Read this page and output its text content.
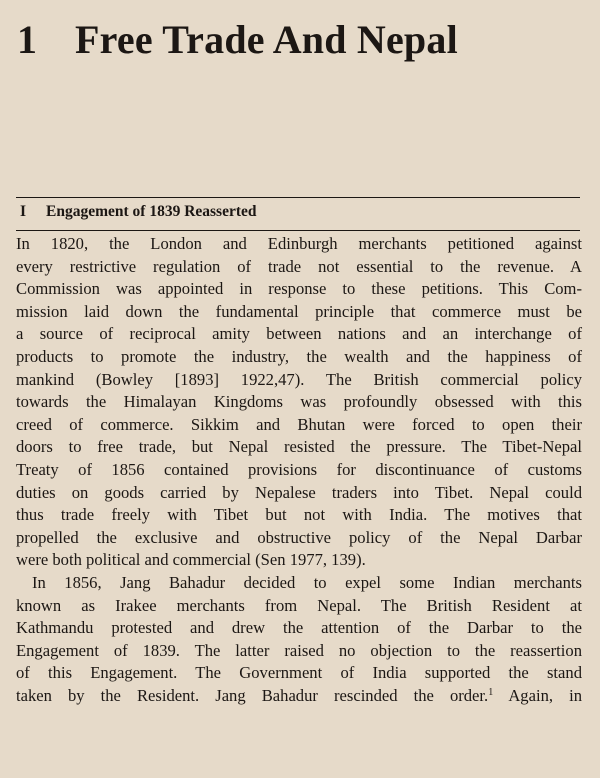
1 Free Trade And Nepal
I Engagement of 1839 Reasserted
In 1820, the London and Edinburgh merchants petitioned against
every restrictive regulation of trade not essential to the revenue. A
Commission was appointed in response to these petitions. This Com-
mission laid down the fundamental principle that commerce must be
a source of reciprocal amity between nations and an interchange of
products to promote the industry, the wealth and the happiness of
mankind (Bowley [1893] 1922,47). The British commercial policy
towards the Himalayan Kingdoms was profoundly obsessed with this
creed of commerce. Sikkim and Bhutan were forced to open their
doors to free trade, but Nepal resisted the pressure. The Tibet-Nepal
Treaty of 1856 contained provisions for discontinuance of customs
duties on goods carried by Nepalese traders into Tibet. Nepal could
thus trade freely with Tibet but not with India. The motives that
propelled the exclusive and obstructive policy of the Nepal Darbar
were both political and commercial (Sen 1977, 139).
In 1856, Jang Bahadur decided to expel some Indian merchants
known as Irakee merchants from Nepal. The British Resident at
Kathmandu protested and drew the attention of the Darbar to the
Engagement of 1839. The latter raised no objection to the reassertion
of this Engagement. The Government of India supported the stand
taken by the Resident. Jang Bahadur rescinded the order.$^1$ Again, in
